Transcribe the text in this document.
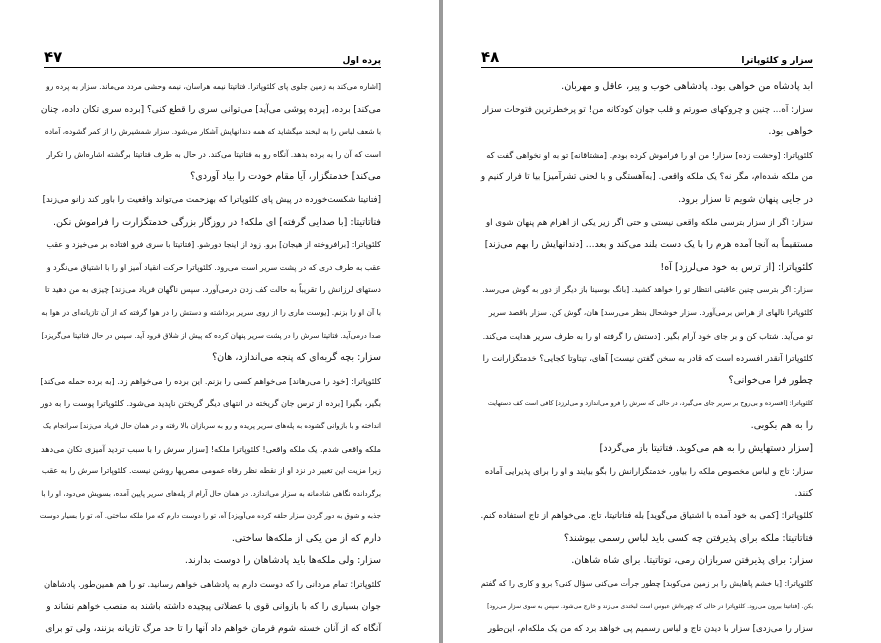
۴۷	پرده اول

[اشاره می‌کند به زمین جلوی پای کلئوپاترا. فتاتیتا نیمه هراسان، نیمه وحشی مردد می‌ماند. سزار به پرده رو

می‌کند] برده، [پرده پوشی‌ می‌آید] می‌توانی سری را قطع کنی؟ [برده سری تکان داده، چنان

با شعف لباس را به لبخند میگشاید که همه دندانهایش آشکار می‌شود. سزار شمشیرش را از کمر گشوده، آماده

است که آن را به برده بدهد. آنگاه رو به فتاتیتا می‌کند. در حال به طرف فتاتیتا برگشته اشاره‌اش را تکرار

می‌کند] خدمتگزار، آیا مقام خودت را بیاد آوردی؟

[فتاتیتا شکست‌خورده در پیش پای کلئوپاترا که بهزحمت می‌تواند واقعیت را باور کند زانو می‌زند]

فتاتاتیتا: [با صدایی گرفته] ای ملکه! در روزگار بزرگی خدمتگزارت را فراموش نکن.

کلئوپاترا: [برافروخته از هیجان] برو. زود از اینجا دورشو. [فتاتیتا با سری فرو افتاده بر می‌خیزد و عقب

عقب به طرف دری که در پشت سریر است می‌رود. کلئوپاترا حرکت انقیاد آمیز او را با اشتیاق می‌نگرد و

دستهای لرزانش را تقریباً به حالت کف زدن درمی‌آورد. سپس ناگهان فریاد می‌زند] چیزی به من دهید تا

با آن او را بزنم. [یوست ماری را از روی سریر برداشته و دستش را در هوا گرفته که از آن تازیانه‌ای در هوا به

صدا درمی‌آید. فتاتیتا سرش را در پشت سریر پنهان کرده که پیش از شلاق فرود آید. سپس در حال فتاتیتا می‌گریزد]

سزار: بچه گربه‌ای که پنجه می‌اندازد، هان؟

کلئوپاترا: [خود را می‌رهاند] می‌خواهم کسی را بزنم. این برده را می‌خواهم زد. [به برده حمله می‌کند]

بگیر، بگیرا [برده از ترس جان گریخته در انتهای دیگر گریختن ناپدید می‌شود. کلئوپاترا پوست را به دور

انداخته و با بازوانی گشوده به پله‌های سریر پریده و رو به سربازان بالا رفته و در همان حال فریاد می‌زند] سرانجام یک

ملکه واقعی شدم. یک ملکه واقعی! کلئوپاترا ملکه! [سزار سرش را با سبب تردید آمیزی تکان می‌دهد

زیرا مزیت این تغییر در نزد او از نقطه نظر رفاه عمومی مصریها روشن نیست. کلئوپاترا سرش را به عقب

برگردانده نگاهی شادمانه به سزار می‌اندازد. در همان حال آرام از پله‌های سریر پایین آمده، بسویش می‌دود، او را با

جذبه و شوق به دور گردن سزار حلقه کرده می‌آویزد] آه، تو را دوست دارم که مرا ملکه ساختی. آه، تو را بسیار دوست

دارم که از من یکی از ملکه‌ها ساختی.

سزار: ولی ملکه‌ها باید پادشاهان را دوست بدارند.

کلئوپاترا: تمام مردانی را که دوست دارم به پادشاهی خواهم رسانید. تو را هم همین‌طور. پادشاهان

جوان بسیاری را که با بازوانی قوی با عضلاتی پیچیده داشته باشند به منصب خواهم نشاند و

آنگاه که از آنان خسته شوم فرمان خواهم داد آنها را تا حد مرگ تازیانه بزنند، ولی تو برای

۴۸	سزار و کلئوپاترا

ابد پادشاه من خواهی بود. پادشاهی خوب و پیر، عاقل و مهربان.

سزار: آه... چنین و چروکهای صورتم و قلب جوان کودکانه من! تو پرخطرترین فتوحات سزار

خواهی بود.

کلئوپاترا: [وحشت زده] سزار! من او را فراموش کرده بودم. [مشتاقانه] تو به او نخواهی گفت که

من ملکه شده‌ام، مگر نه؟ یک ملکه واقعی. [به‌آهستگی و با لحنی تشرآمیز] بیا تا فرار کنیم و

در جایی پنهان شویم تا سزار برود.

سزار: اگر از سزار بترسی ملکه واقعی نیستی و حتی اگر زیر یکی از اهرام هم پنهان شوی او

مستقیماً به آنجا آمده هرم را با یک دست بلند می‌کند و بعد... [دندانهایش را بهم می‌زند]

کلئوپاترا: [از ترس به خود می‌لرزد] آه!

سزار: اگر بترسی چنین عاقبتی انتظار تو را خواهد کشید. [بانگ بوسینا باز دیگر از دور به گوش می‌رسد.

کلئوپاترا نالهای از هراس برمی‌آورد. سزار خوشحال بنظر می‌رسد] هان، گوش کن. سزار باقصد سریر

تو می‌آید. شتاب کن و بر جای خود آرام بگیر. [دستش را گرفته او را به طرف سریر هدایت می‌کند.

کلئوپاترا آنقدر افسرده است که قادر به سخن گفتن نیست] آهای، تیتاوتا کجایی؟ خدمتگزارانت را

چطور فرا می‌خوانی؟

کلئوپاترا: [افسرده و بی‌روح بر سریر جای می‌گیرد، در حالی که سرش را فرو می‌اندازد و می‌لرزد] کافی است کف دستهایت

را به هم بکوبی.

[سزار دستهایش را به هم می‌کوبد. فتاتیتا باز می‌گردد]

سزار: تاج و لباس مخصوص ملکه را بیاور، خدمتگزارانش را بگو بیایند و او را برای پذیرایی آماده

کنند.

کلئوپاترا: [کمی به خود آمده با اشتیاق می‌گوید] بله فتاتاتیتا، تاج. می‌خواهم از تاج استفاده کنم.

فتاتاتیتا: ملکه برای پذیرفتن چه کسی باید لباس رسمی بپوشند؟

سزار: برای پذیرفتن سربازان رمی، توتاتیتا. برای شاه شاهان.

کلئوپاترا: [با خشم پاهایش را بر زمین می‌کوبد] چطور جرأت می‌کنی سؤال کنی؟ برو و کاری را که گفتم

بکن. [فتاتیتا بیرون می‌رود. کلئوپاترا در حالی که چهره‌اش عبوس است لبخندی می‌زند و خارج می‌شود. سپس به سوی سزار می‌رود]

سزار را می‌زدی] سزار با دیدن تاج و لباس رسمیم پی خواهد برد که من یک ملکه‌ام، این‌طور
